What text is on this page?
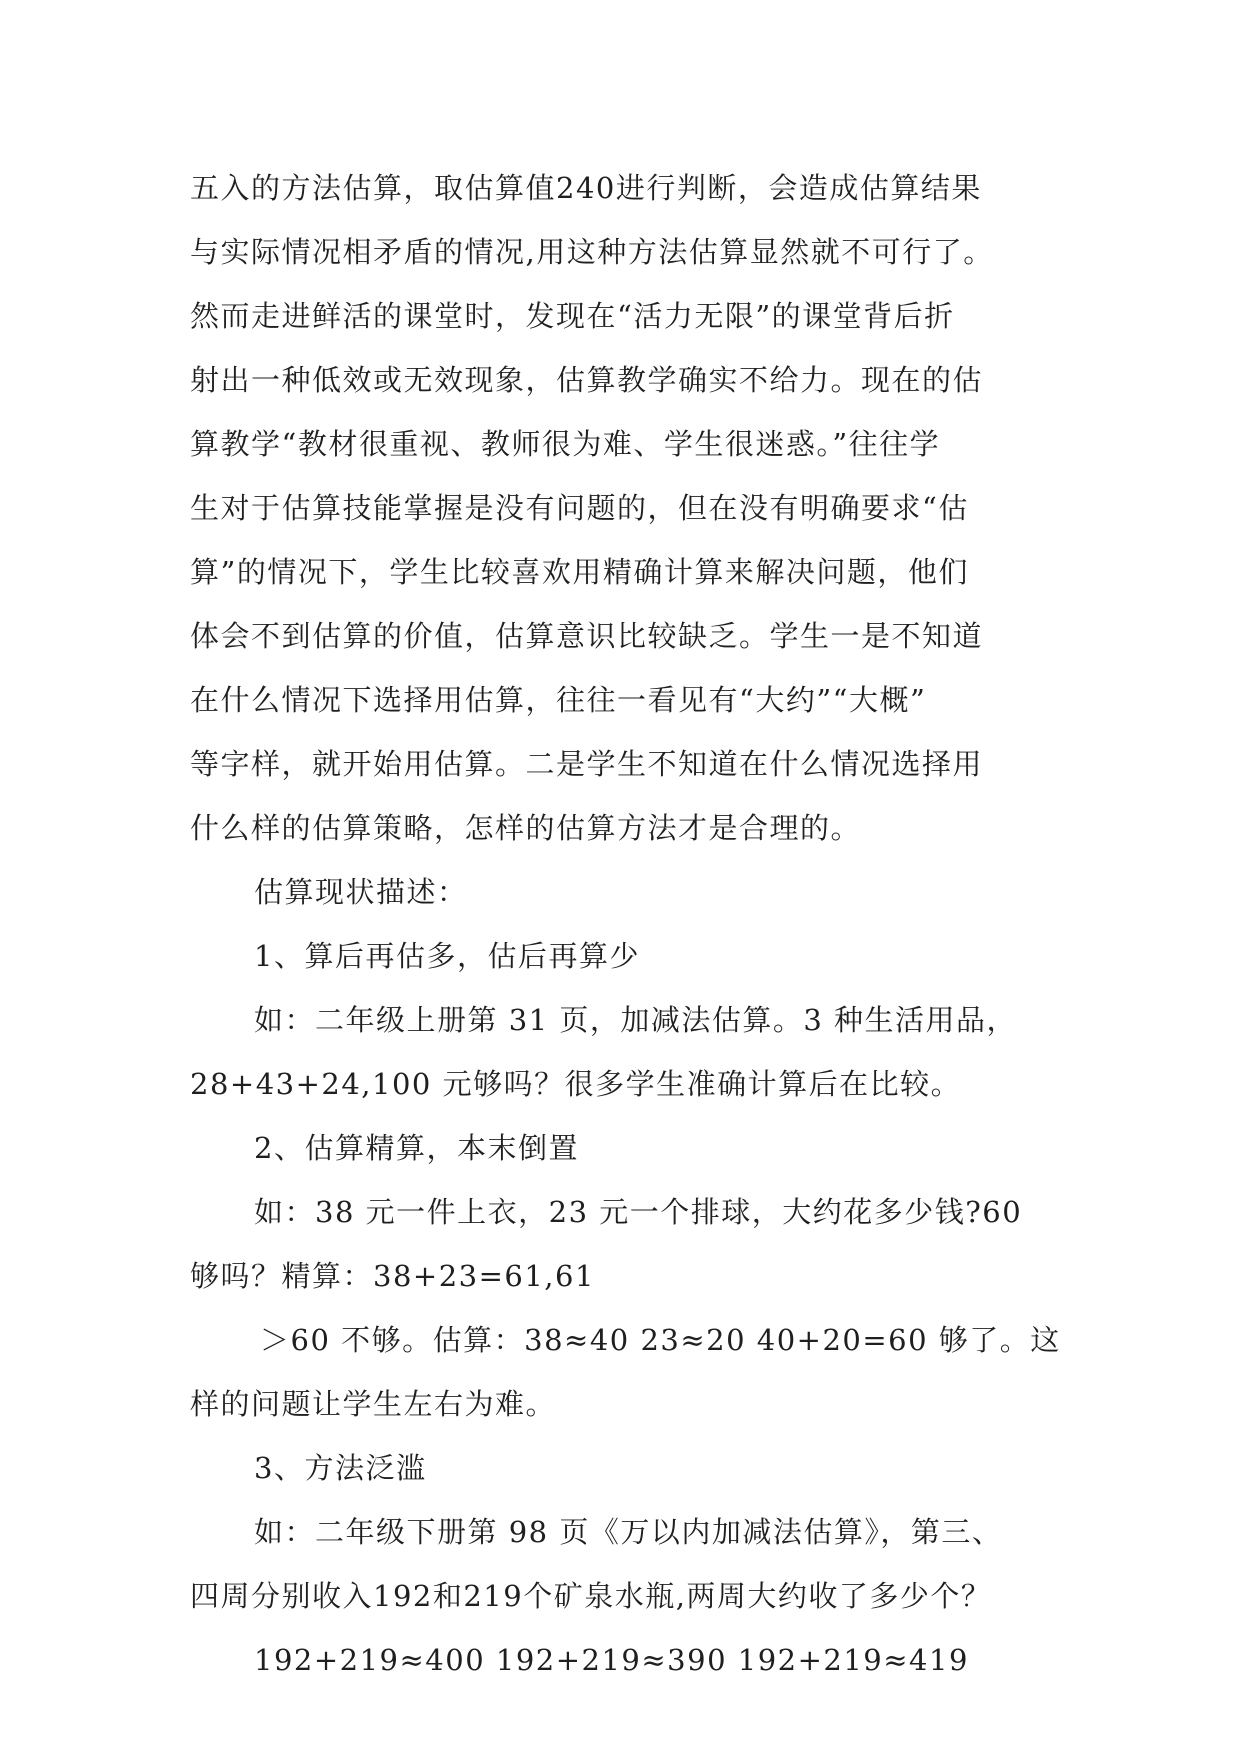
五入的方法估算，取估算值240进行判断，会造成估算结果
与实际情况相矛盾的情况,用这种方法估算显然就不可行了。
然而走进鲜活的课堂时，发现在“活力无限”的课堂背后折
射出一种低效或无效现象，估算教学确实不给力。现在的估
算教学“教材很重视、教师很为难、学生很迷惑。”往往学
生对于估算技能掌握是没有问题的，但在没有明确要求“估
算”的情况下，学生比较喜欢用精确计算来解决问题，他们
体会不到估算的价值，估算意识比较缺乏。学生一是不知道
在什么情况下选择用估算，往往一看见有“大约”“大概”
等字样，就开始用估算。二是学生不知道在什么情况选择用
什么样的估算策略，怎样的估算方法才是合理的。
估算现状描述：
1、算后再估多，估后再算少
如：二年级上册第 31 页，加减法估算。3 种生活用品，
28+43+24,100 元够吗？很多学生准确计算后在比较。
2、估算精算，本末倒置
如：38 元一件上衣，23 元一个排球，大约花多少钱?60
够吗？精算：38+23=61,61
＞60 不够。估算：38≈40 23≈20 40+20=60 够了。这
样的问题让学生左右为难。
3、方法泛滥
如：二年级下册第 98 页《万以内加减法估算》，第三、
四周分别收入192和219个矿泉水瓶,两周大约收了多少个？
192+219≈400 192+219≈390 192+219≈419
